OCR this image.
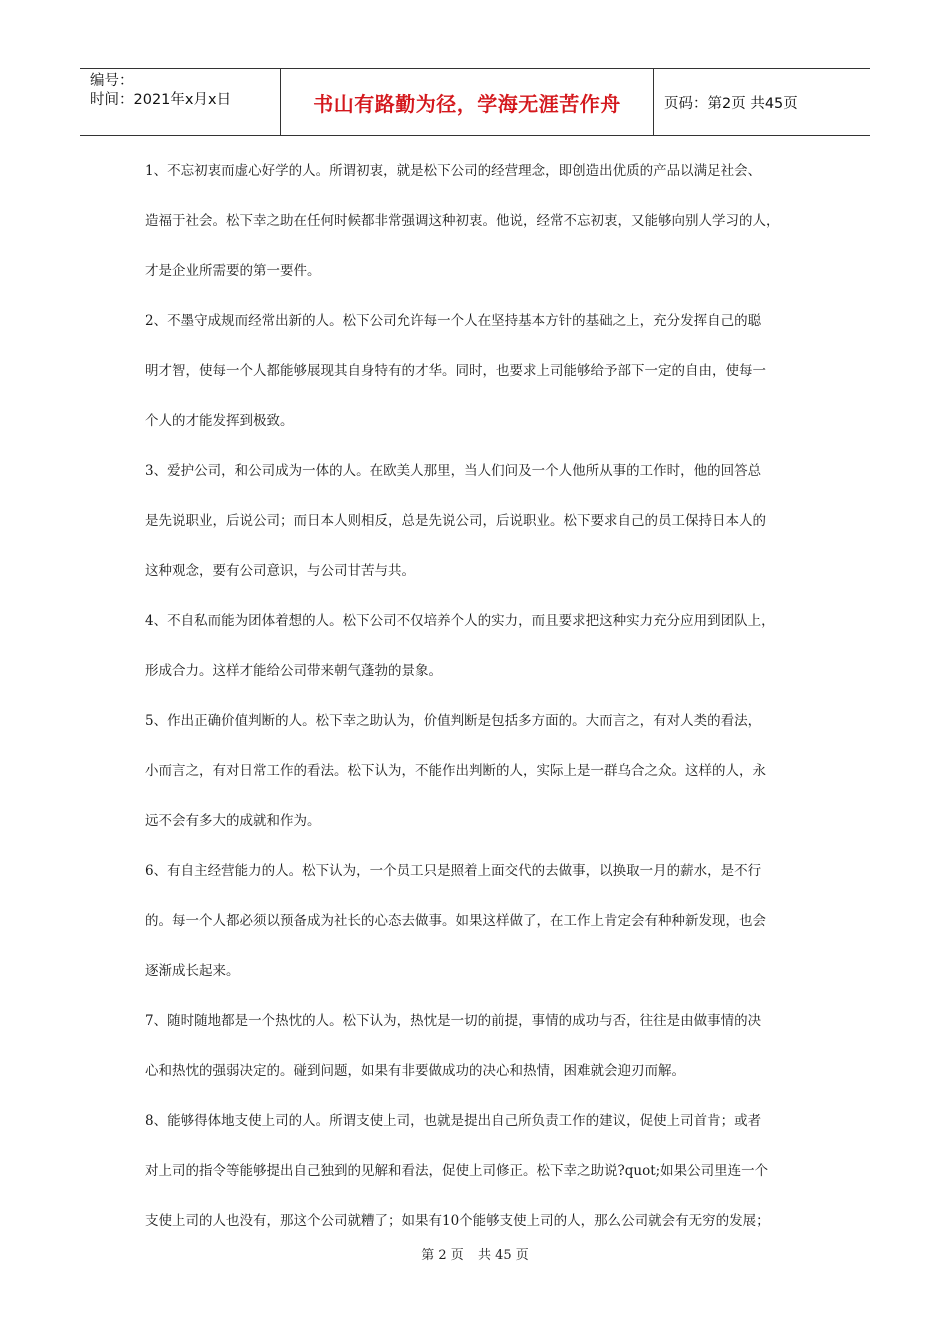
编号：
时间：2021年x月x日	书山有路勤为径，学海无涯苦作舟	页码：第2页 共45页
1、不忘初衷而虚心好学的人。所谓初衷，就是松下公司的经营理念，即创造出优质的产品以满足社会、
造福于社会。松下幸之助在任何时候都非常强调这种初衷。他说，经常不忘初衷，又能够向别人学习的人，
才是企业所需要的第一要件。
2、不墨守成规而经常出新的人。松下公司允许每一个人在坚持基本方针的基础之上，充分发挥自己的聪
明才智，使每一个人都能够展现其自身特有的才华。同时，也要求上司能够给予部下一定的自由，使每一
个人的才能发挥到极致。
3、爱护公司，和公司成为一体的人。在欧美人那里，当人们问及一个人他所从事的工作时，他的回答总
是先说职业，后说公司；而日本人则相反，总是先说公司，后说职业。松下要求自己的员工保持日本人的
这种观念，要有公司意识，与公司甘苦与共。
4、不自私而能为团体着想的人。松下公司不仅培养个人的实力，而且要求把这种实力充分应用到团队上，
形成合力。这样才能给公司带来朝气蓬勃的景象。
5、作出正确价值判断的人。松下幸之助认为，价值判断是包括多方面的。大而言之，有对人类的看法，
小而言之，有对日常工作的看法。松下认为，不能作出判断的人，实际上是一群乌合之众。这样的人，永
远不会有多大的成就和作为。
6、有自主经营能力的人。松下认为，一个员工只是照着上面交代的去做事，以换取一月的薪水，是不行
的。每一个人都必须以预备成为社长的心态去做事。如果这样做了，在工作上肯定会有种种新发现，也会
逐渐成长起来。
7、随时随地都是一个热忱的人。松下认为，热忱是一切的前提，事情的成功与否，往往是由做事情的决
心和热忱的强弱决定的。碰到问题，如果有非要做成功的决心和热情，困难就会迎刃而解。
8、能够得体地支使上司的人。所谓支使上司，也就是提出自己所负责工作的建议，促使上司首肯；或者
对上司的指令等能够提出自己独到的见解和看法，促使上司修正。松下幸之助说?quot;如果公司里连一个
支使上司的人也没有，那这个公司就糟了；如果有10个能够支使上司的人，那么公司就会有无穷的发展；
第 2 页 共 45 页
